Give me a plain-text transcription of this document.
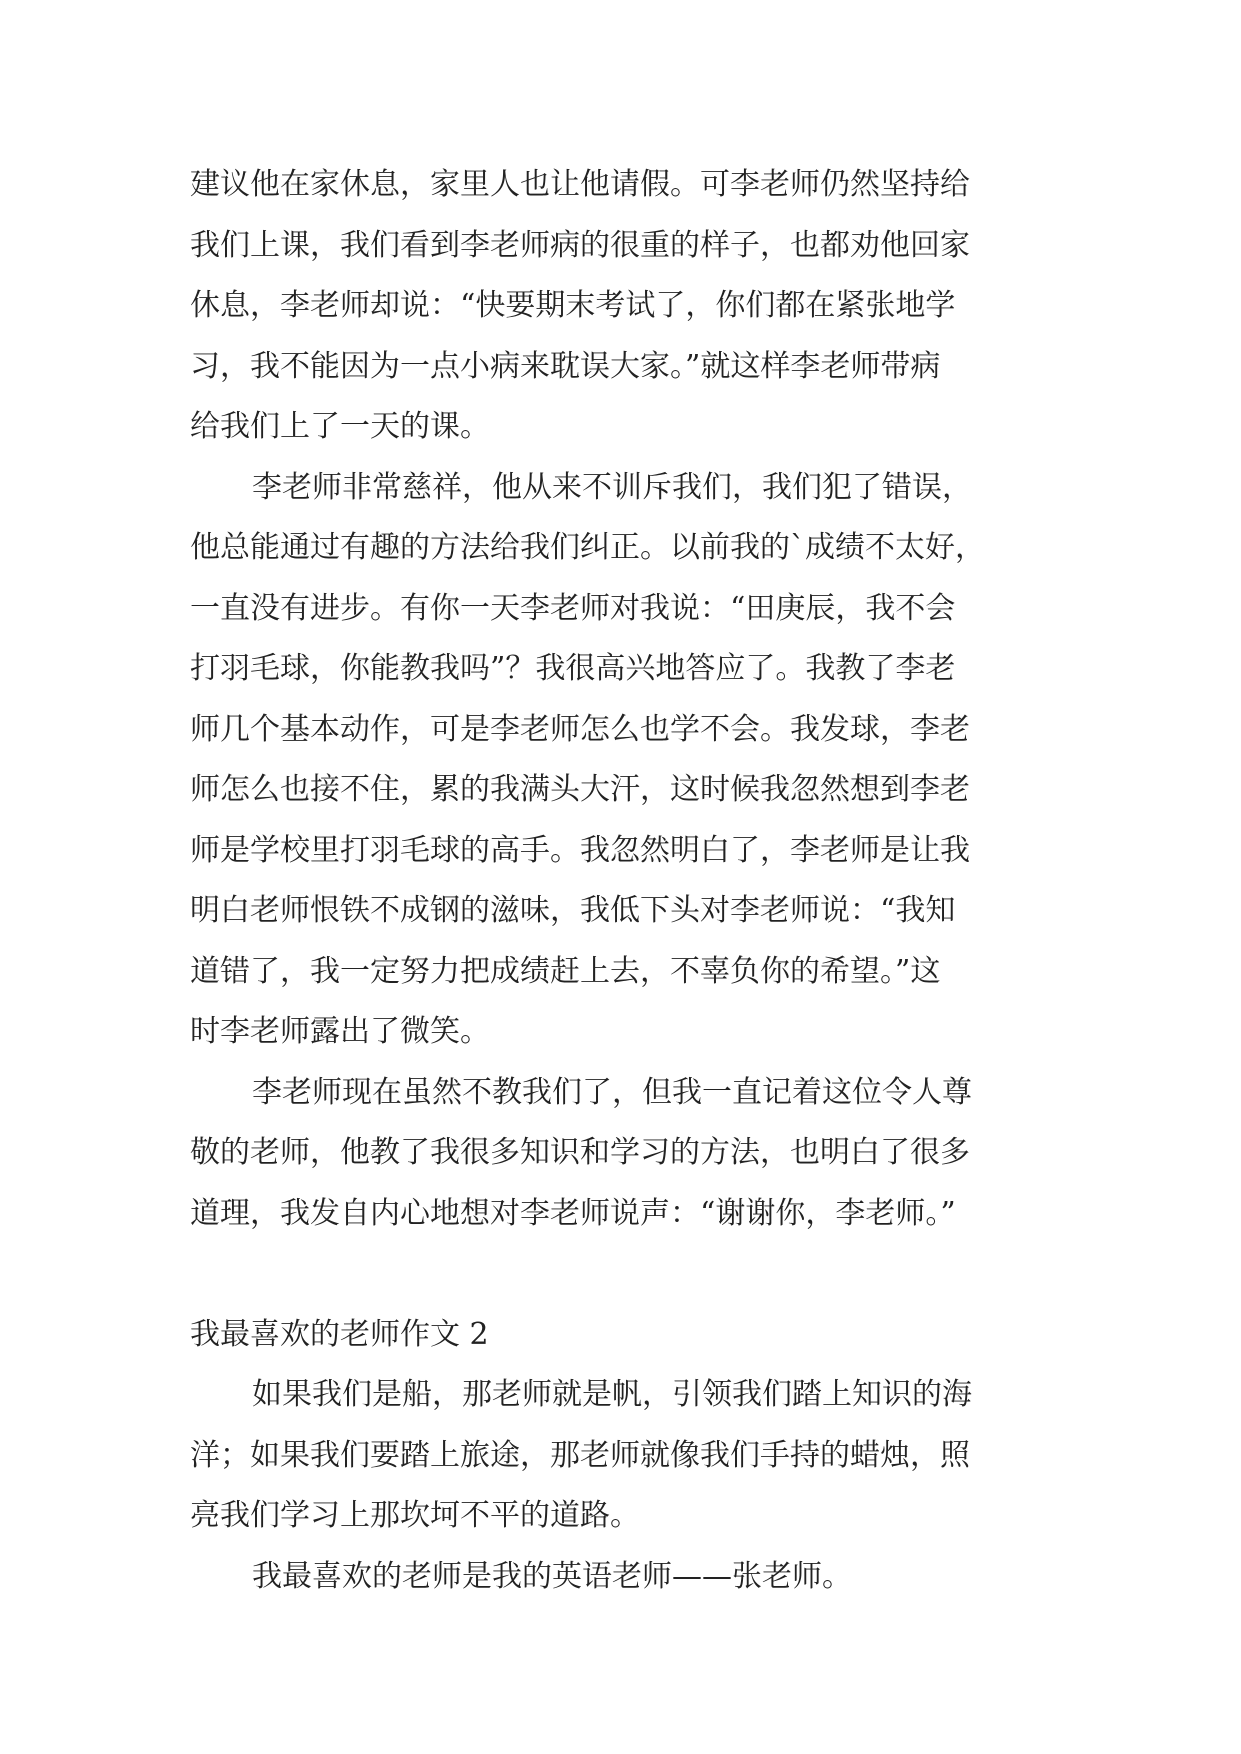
建议他在家休息，家里人也让他请假。可李老师仍然坚持给
我们上课，我们看到李老师病的很重的样子，也都劝他回家
休息，李老师却说：“快要期末考试了，你们都在紧张地学
习，我不能因为一点小病来耽误大家。”就这样李老师带病
给我们上了一天的课。
李老师非常慈祥，他从来不训斥我们，我们犯了错误，
他总能通过有趣的方法给我们纠正。以前我的`成绩不太好，
一直没有进步。有你一天李老师对我说：“田庚辰，我不会
打羽毛球，你能教我吗”？我很高兴地答应了。我教了李老
师几个基本动作，可是李老师怎么也学不会。我发球，李老
师怎么也接不住，累的我满头大汗，这时候我忽然想到李老
师是学校里打羽毛球的高手。我忽然明白了，李老师是让我
明白老师恨铁不成钢的滋味，我低下头对李老师说：“我知
道错了，我一定努力把成绩赶上去，不辜负你的希望。”这
时李老师露出了微笑。
李老师现在虽然不教我们了，但我一直记着这位令人尊
敬的老师，他教了我很多知识和学习的方法，也明白了很多
道理，我发自内心地想对李老师说声：“谢谢你，李老师。”
我最喜欢的老师作文 2
如果我们是船，那老师就是帆，引领我们踏上知识的海
洋；如果我们要踏上旅途，那老师就像我们手持的蜡烛，照
亮我们学习上那坎坷不平的道路。
我最喜欢的老师是我的英语老师——张老师。
